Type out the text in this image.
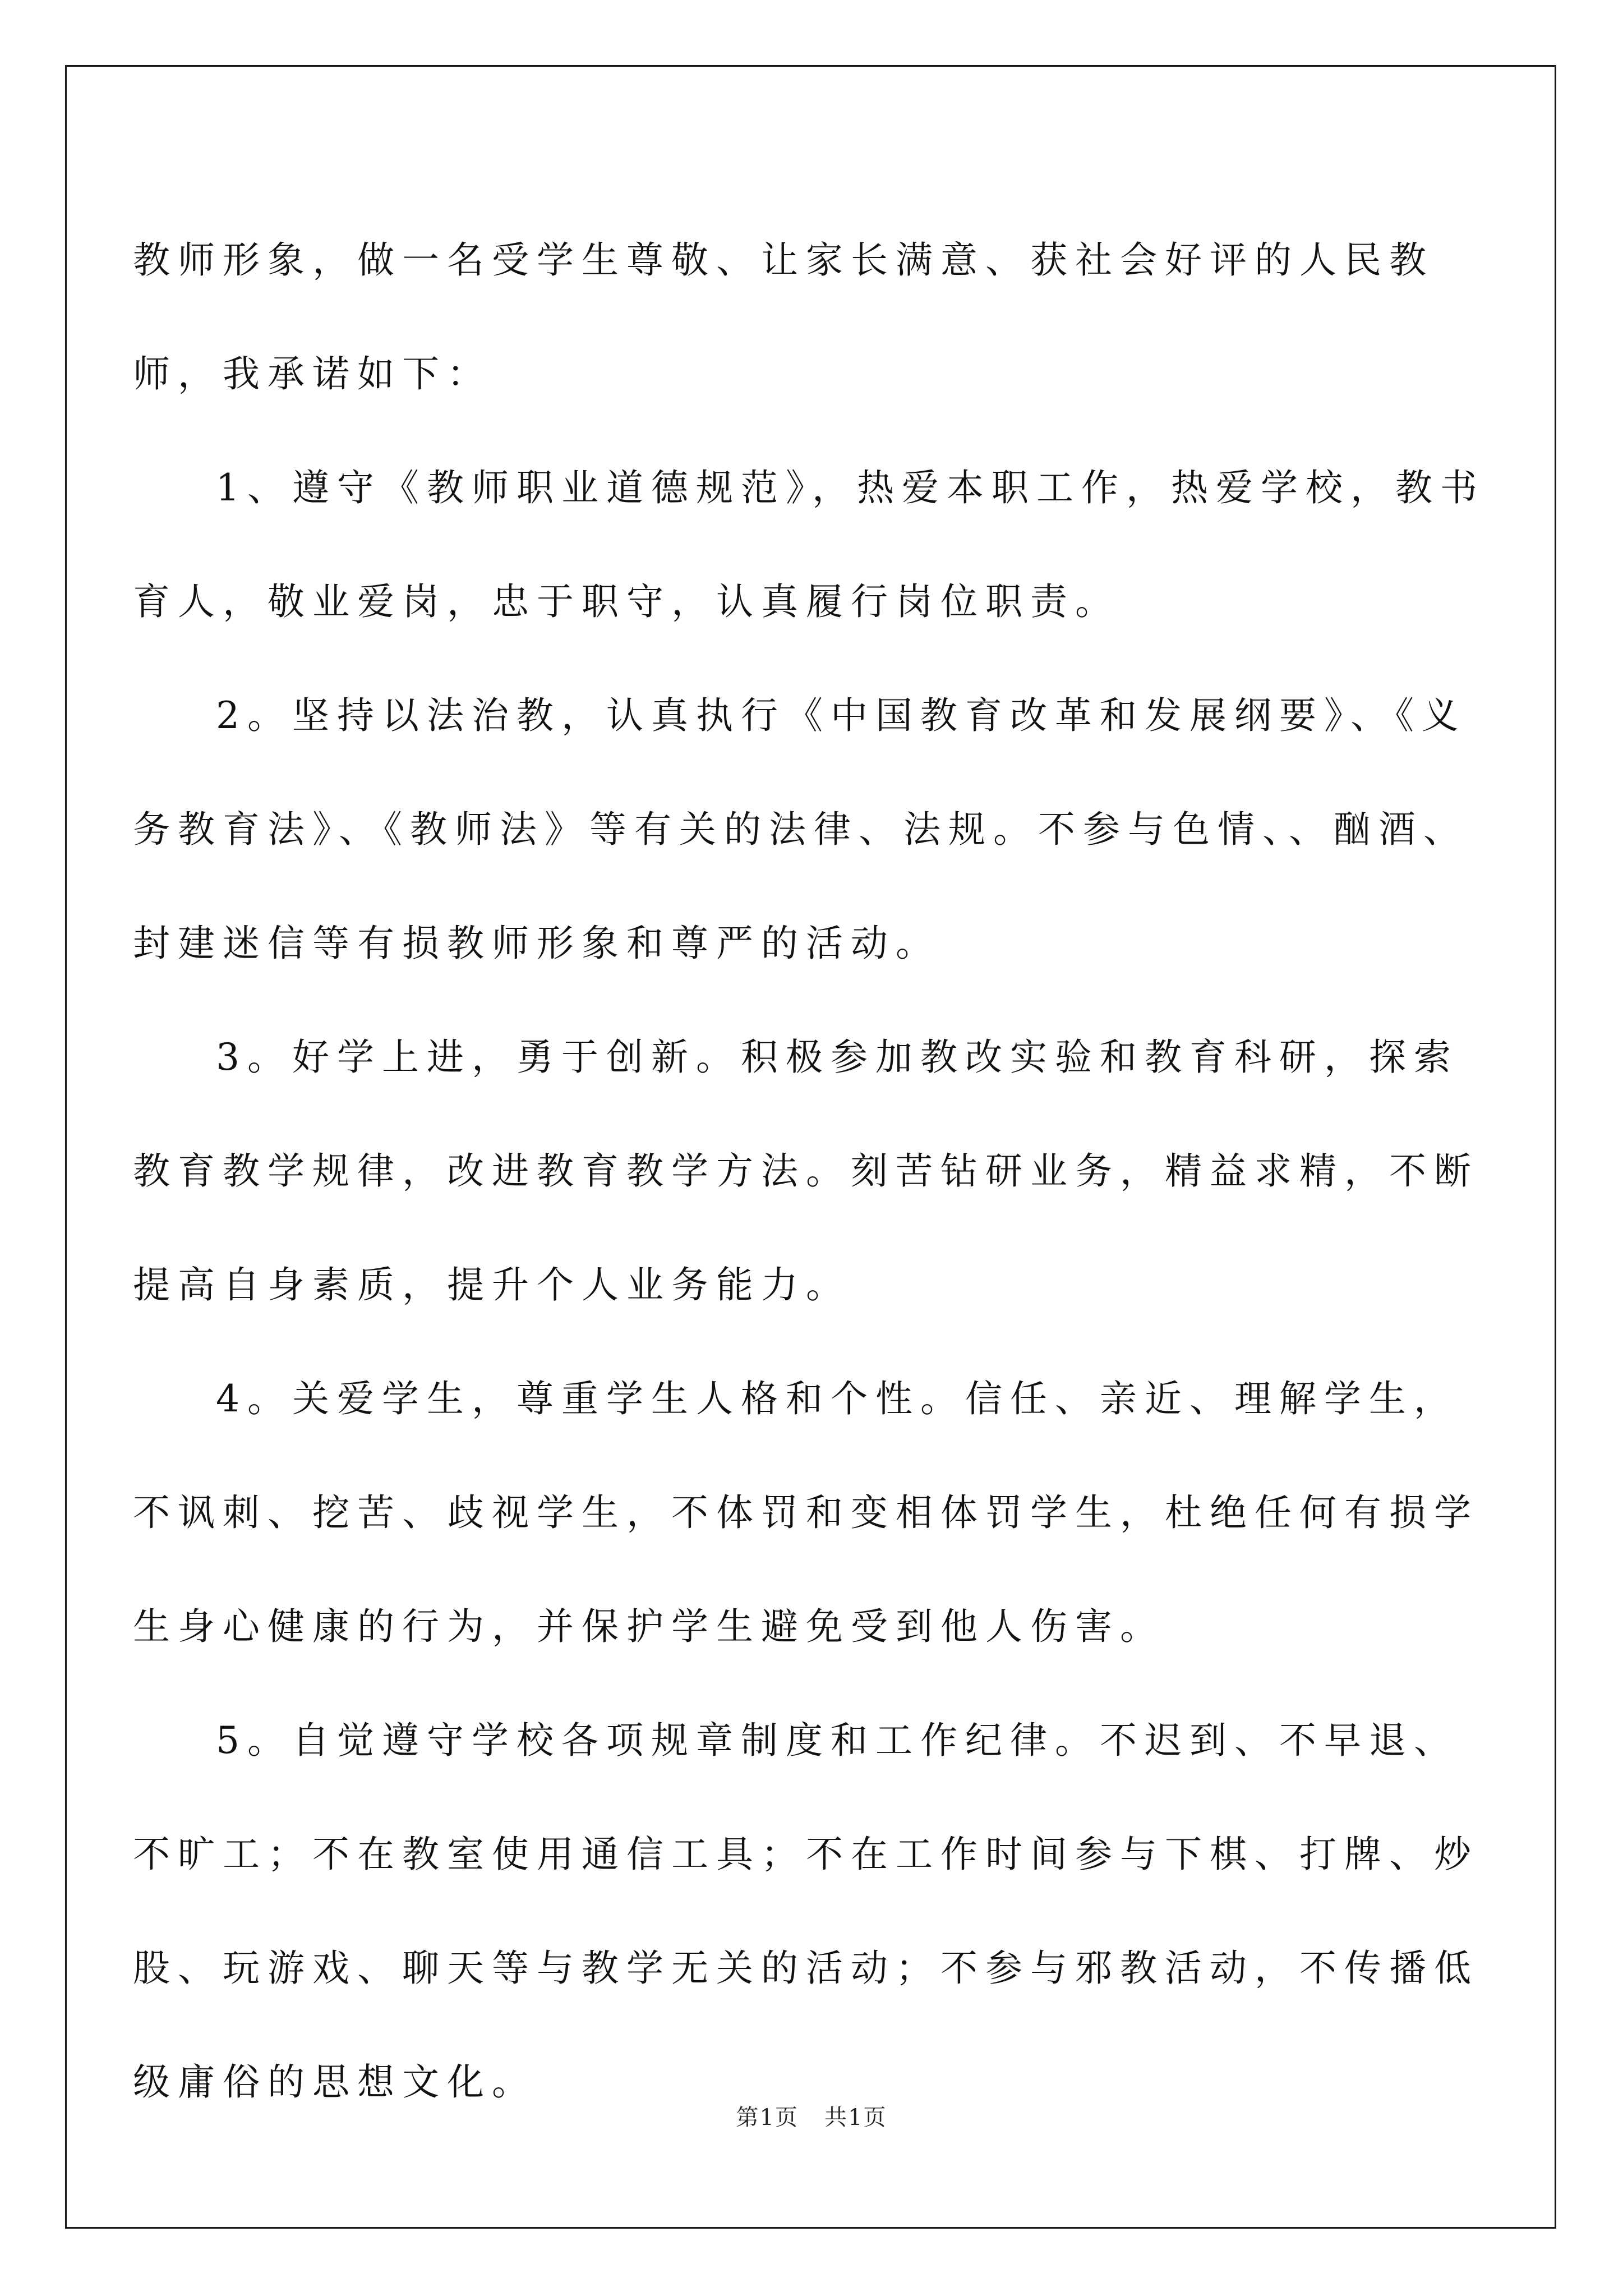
教师形象，做一名受学生尊敬、让家长满意、获社会好评的人民教师，我承诺如下：

1、遵守《教师职业道德规范》，热爱本职工作，热爱学校，教书育人，敬业爱岗，忠于职守，认真履行岗位职责。

2。坚持以法治教，认真执行《中国教育改革和发展纲要》、《义务教育法》、《教师法》等有关的法律、法规。不参与色情、、酗酒、封建迷信等有损教师形象和尊严的活动。

3。好学上进，勇于创新。积极参加教改实验和教育科研，探索教育教学规律，改进教育教学方法。刻苦钻研业务，精益求精，不断提高自身素质，提升个人业务能力。

4。关爱学生，尊重学生人格和个性。信任、亲近、理解学生，不讽刺、挖苦、歧视学生，不体罚和变相体罚学生，杜绝任何有损学生身心健康的行为，并保护学生避免受到他人伤害。

5。自觉遵守学校各项规章制度和工作纪律。不迟到、不早退、不旷工；不在教室使用通信工具；不在工作时间参与下棋、打牌、炒股、玩游戏、聊天等与教学无关的活动；不参与邪教活动，不传播低级庸俗的思想文化。

第1页 共1页
